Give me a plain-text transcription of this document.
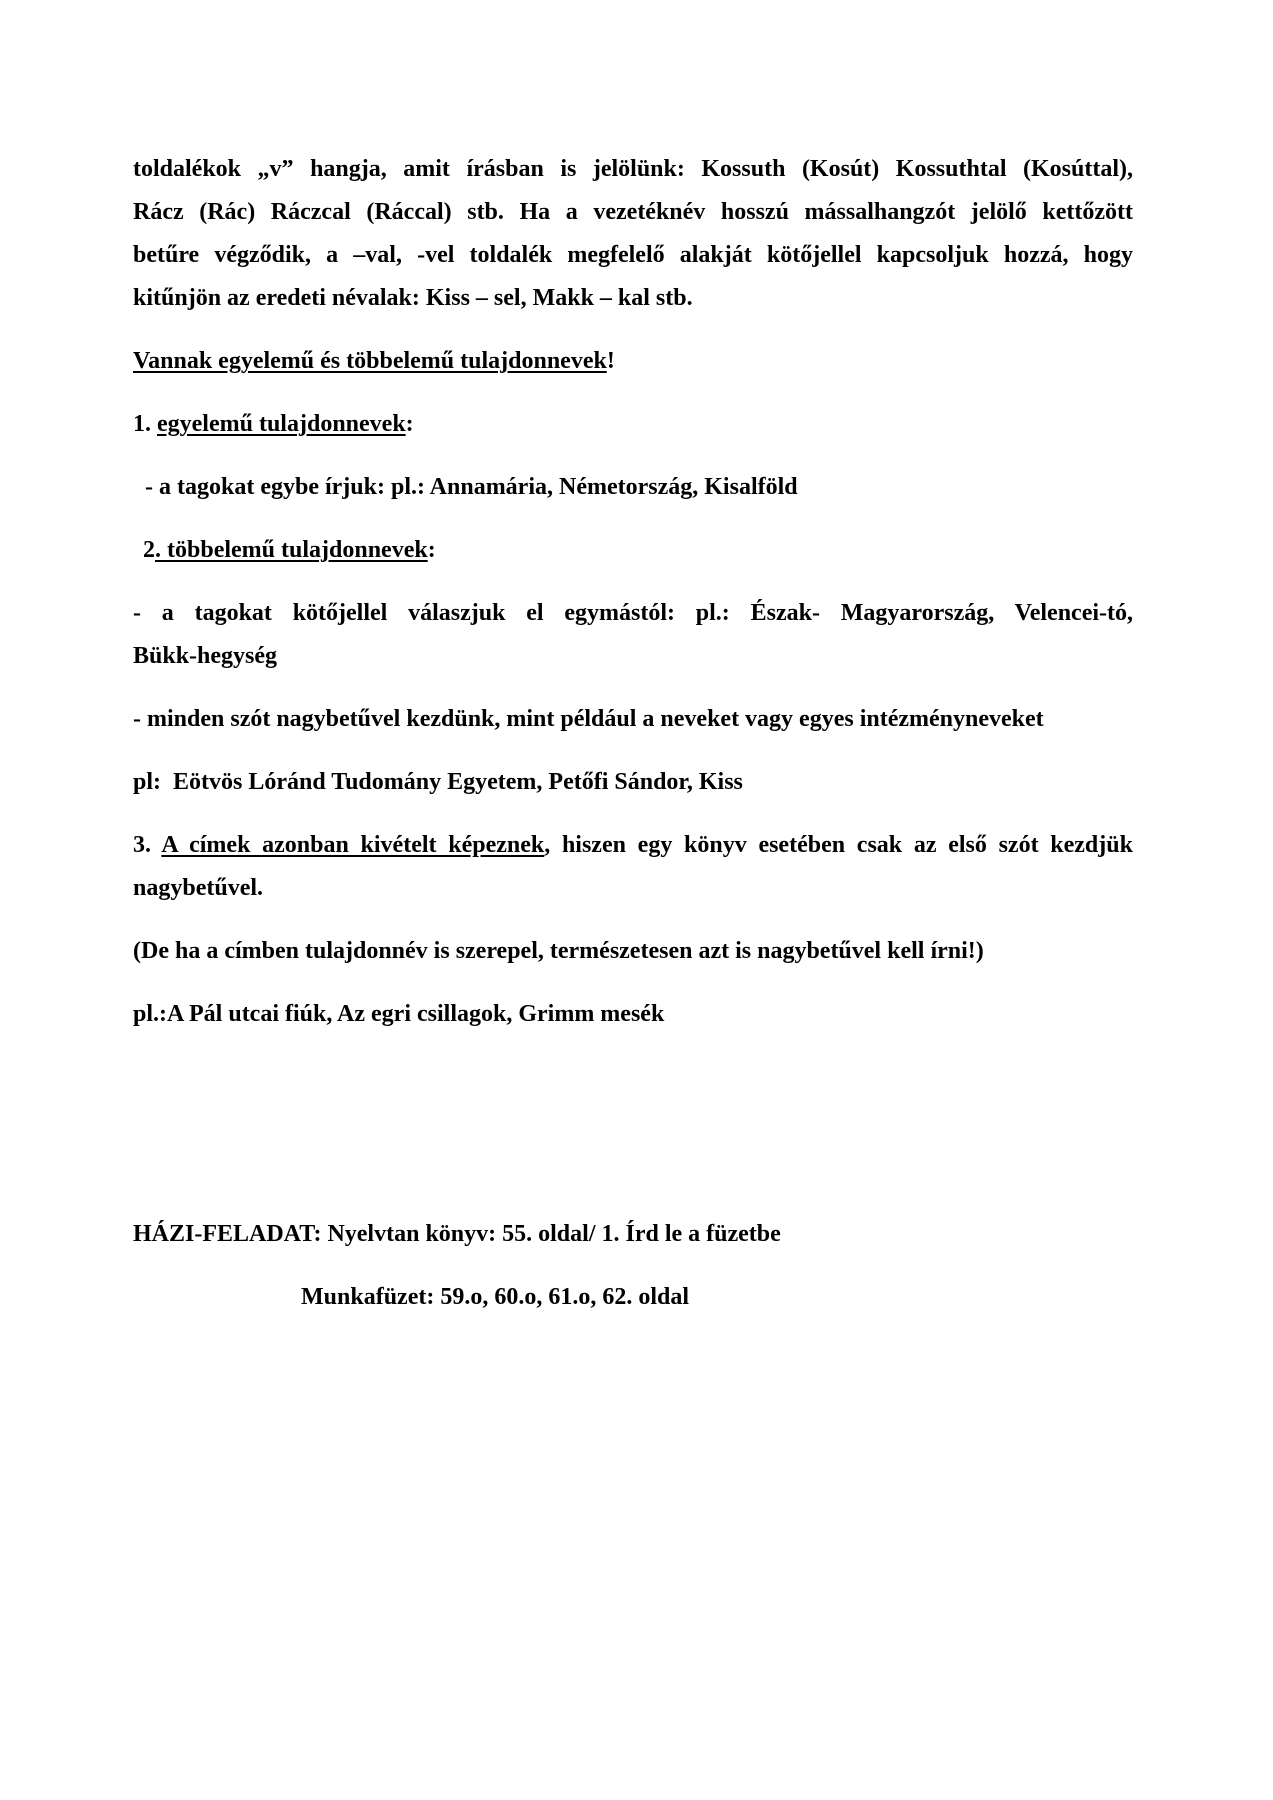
toldalékok „v” hangja, amit írásban is jelölünk: Kossuth (Kosút) Kossuthtal (Kosúttal),
Rácz (Rác) Ráczcal (Ráccal) stb. Ha a vezetéknév hosszú mássalhangzót jelölő kettőzött
betűre végződik, a –val, -vel toldalék megfelelő alakját kötőjellel kapcsoljuk hozzá, hogy
kitűnjön az eredeti névalak: Kiss – sel, Makk – kal stb.
Vannak egyelemű és többelemű tulajdonnevek!
1. egyelemű tulajdonnevek:
- a tagokat egybe írjuk: pl.: Annamária, Németország, Kisalföld
2. többelemű tulajdonnevek:
- a tagokat kötőjellel válaszjuk el egymástól: pl.: Észak- Magyarország, Velencei-tó,
Bükk-hegység
- minden szót nagybetűvel kezdünk, mint például a neveket vagy egyes intézményneveket
pl:  Eötvös Lóránd Tudomány Egyetem, Petőfi Sándor, Kiss
3. A címek azonban kivételt képeznek, hiszen egy könyv esetében csak az első szót kezdjük
nagybetűvel.
(De ha a címben tulajdonnév is szerepel, természetesen azt is nagybetűvel kell írni!)
pl.:A Pál utcai fiúk, Az egri csillagok, Grimm mesék
HÁZI-FELADAT: Nyelvtan könyv: 55. oldal/ 1. Írd le a füzetbe
Munkafüzet: 59.o, 60.o, 61.o, 62. oldal
